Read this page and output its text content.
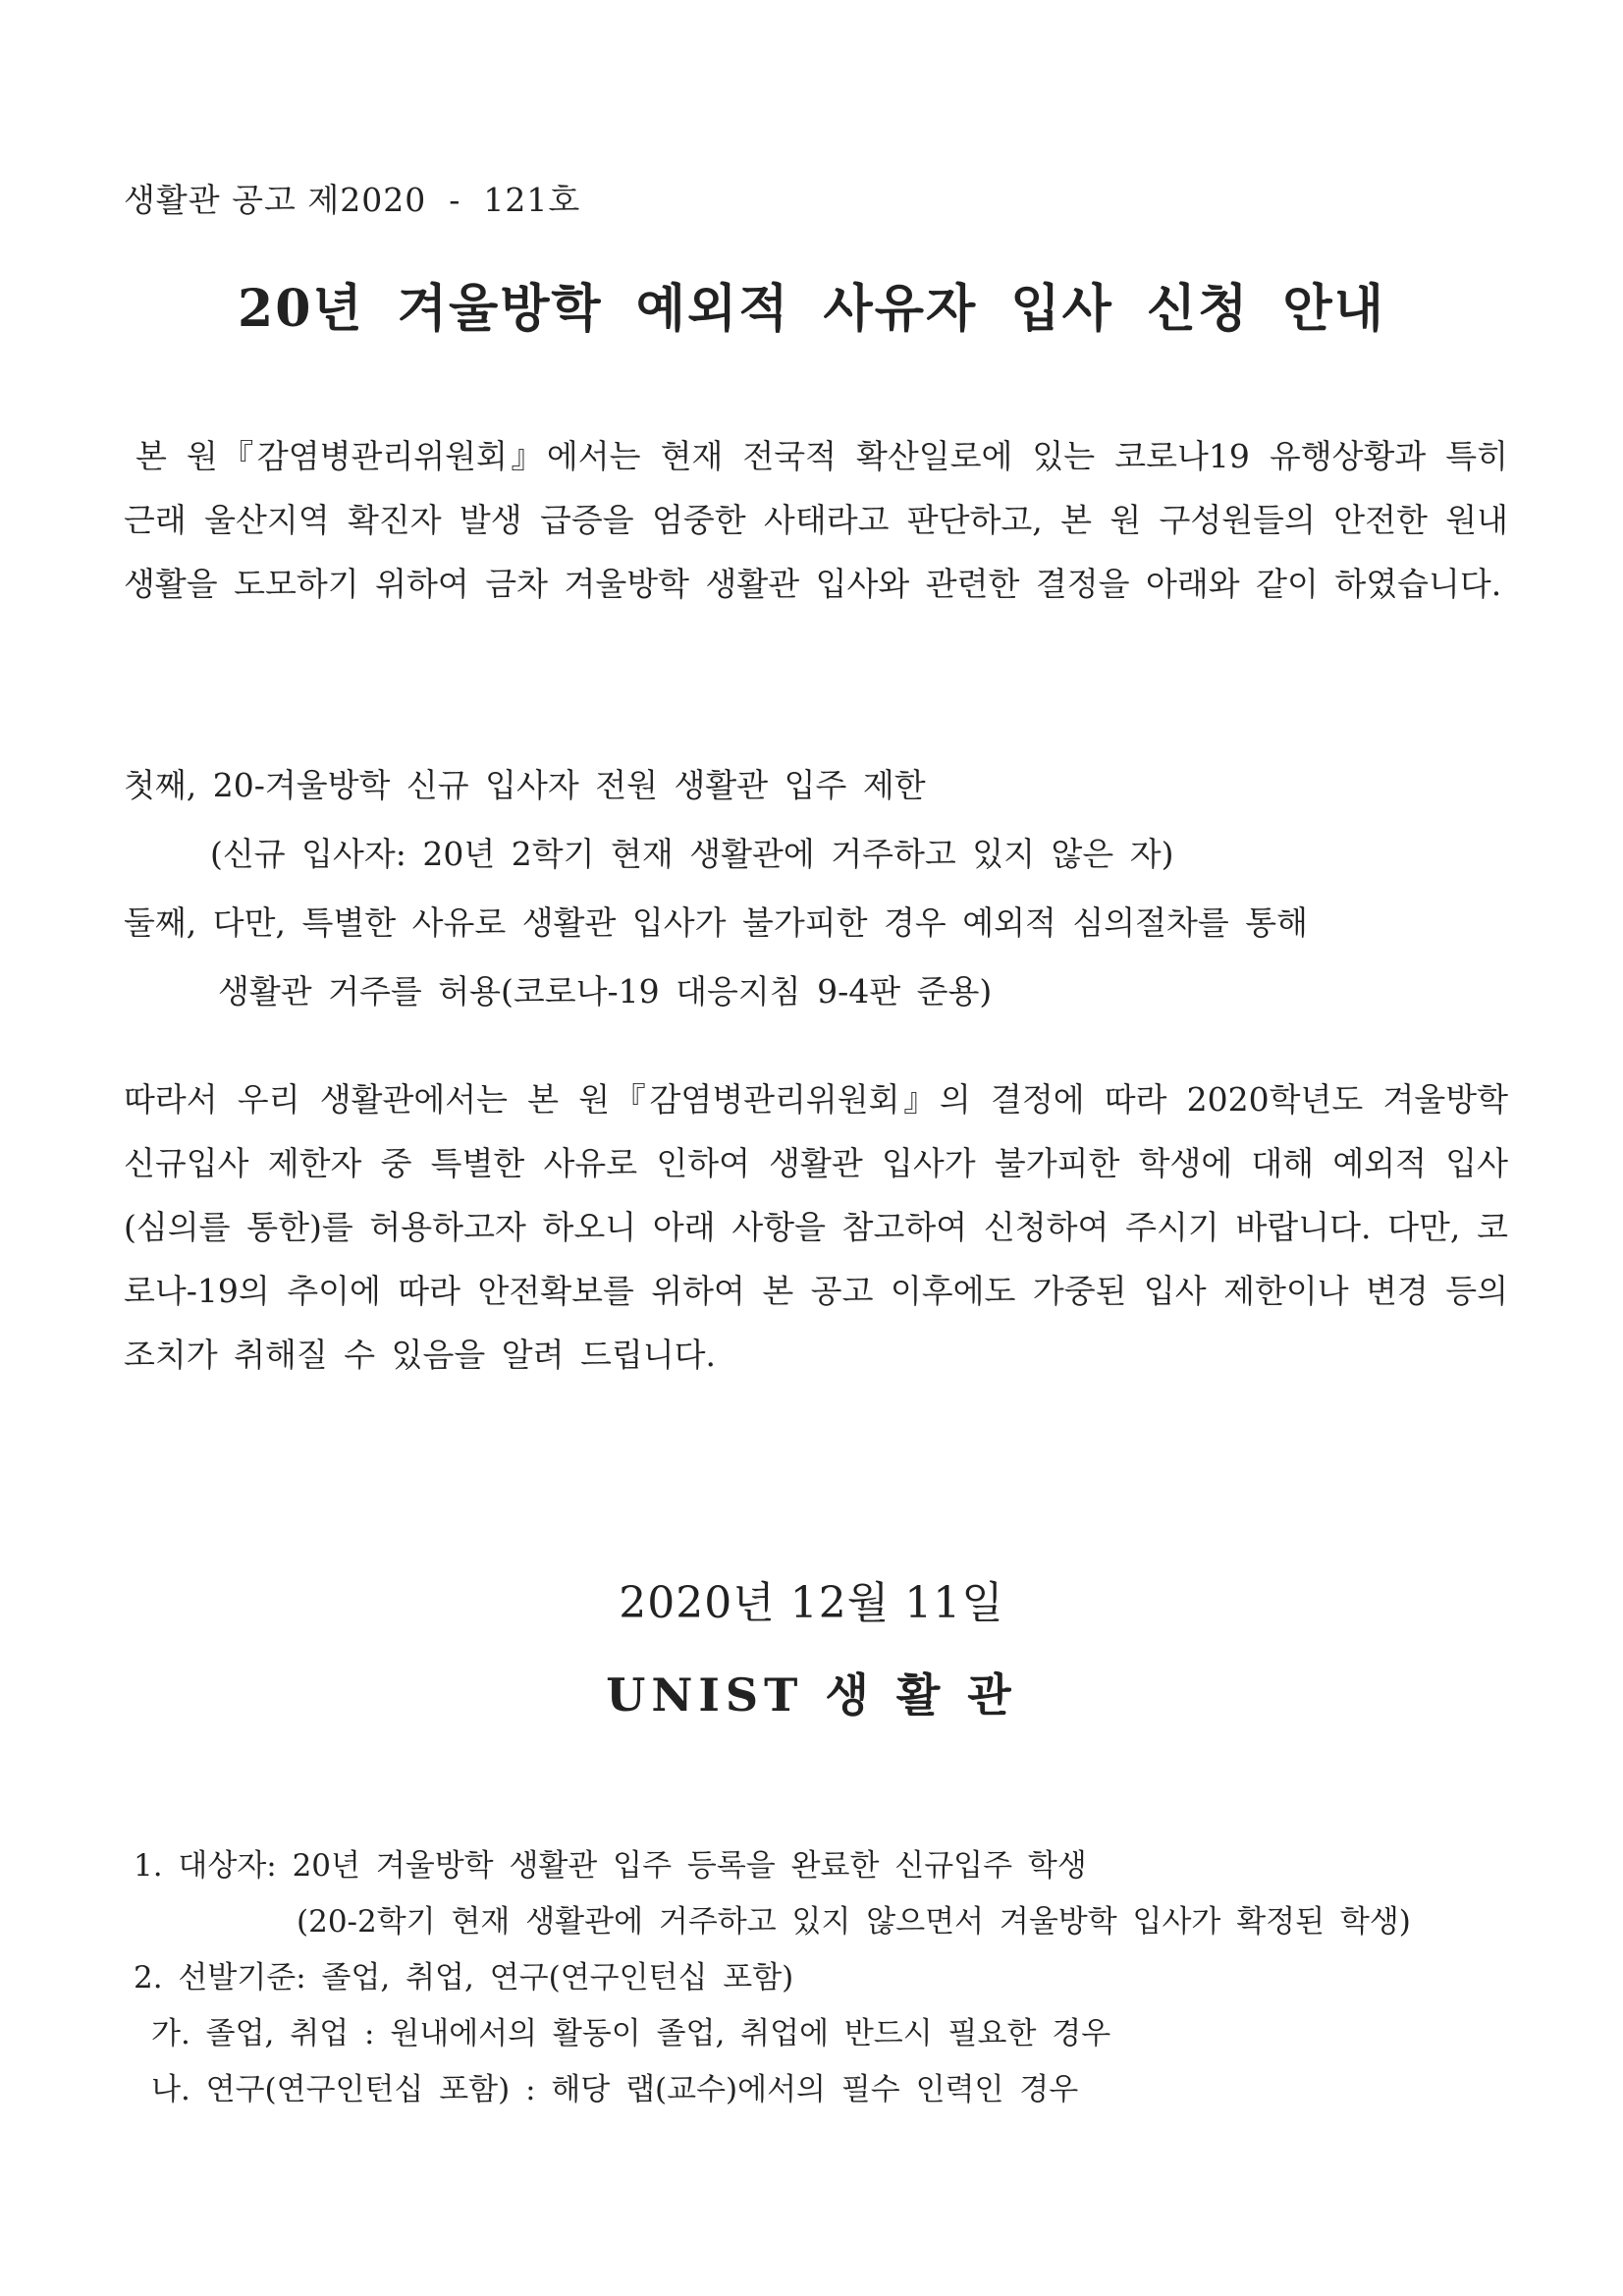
생활관 공고 제2020  -  121호
20년 겨울방학 예외적 사유자 입사 신청 안내
본 원『감염병관리위원회』에서는 현재 전국적 확산일로에 있는 코로나19 유행상황과 특히 근래 울산지역 확진자 발생 급증을 엄중한 사태라고 판단하고, 본 원 구성원들의 안전한 원내생활을 도모하기 위하여 금차 겨울방학 생활관 입사와 관련한 결정을 아래와 같이 하였습니다.
첫째, 20-겨울방학 신규 입사자 전원 생활관 입주 제한
(신규 입사자: 20년 2학기 현재 생활관에 거주하고 있지 않은 자)
둘째, 다만, 특별한 사유로 생활관 입사가 불가피한 경우 예외적 심의절차를 통해
생활관 거주를 허용(코로나-19 대응지침 9-4판 준용)
따라서 우리 생활관에서는 본 원『감염병관리위원회』의 결정에 따라 2020학년도 겨울방학 신규입사 제한자 중 특별한 사유로 인하여 생활관 입사가 불가피한 학생에 대해 예외적 입사(심의를 통한)를 허용하고자 하오니 아래 사항을 참고하여 신청하여 주시기 바랍니다. 다만, 코로나-19의 추이에 따라 안전확보를 위하여 본 공고 이후에도 가중된 입사 제한이나 변경 등의 조치가 취해질 수 있음을 알려 드립니다.
2020년 12월 11일
UNIST 생 활 관
1. 대상자: 20년 겨울방학 생활관 입주 등록을 완료한 신규입주 학생
(20-2학기 현재 생활관에 거주하고 있지 않으면서 겨울방학 입사가 확정된 학생)
2. 선발기준: 졸업, 취업, 연구(연구인턴십 포함)
가. 졸업, 취업 : 원내에서의 활동이 졸업, 취업에 반드시 필요한 경우
나. 연구(연구인턴십 포함) : 해당 랩(교수)에서의 필수 인력인 경우
